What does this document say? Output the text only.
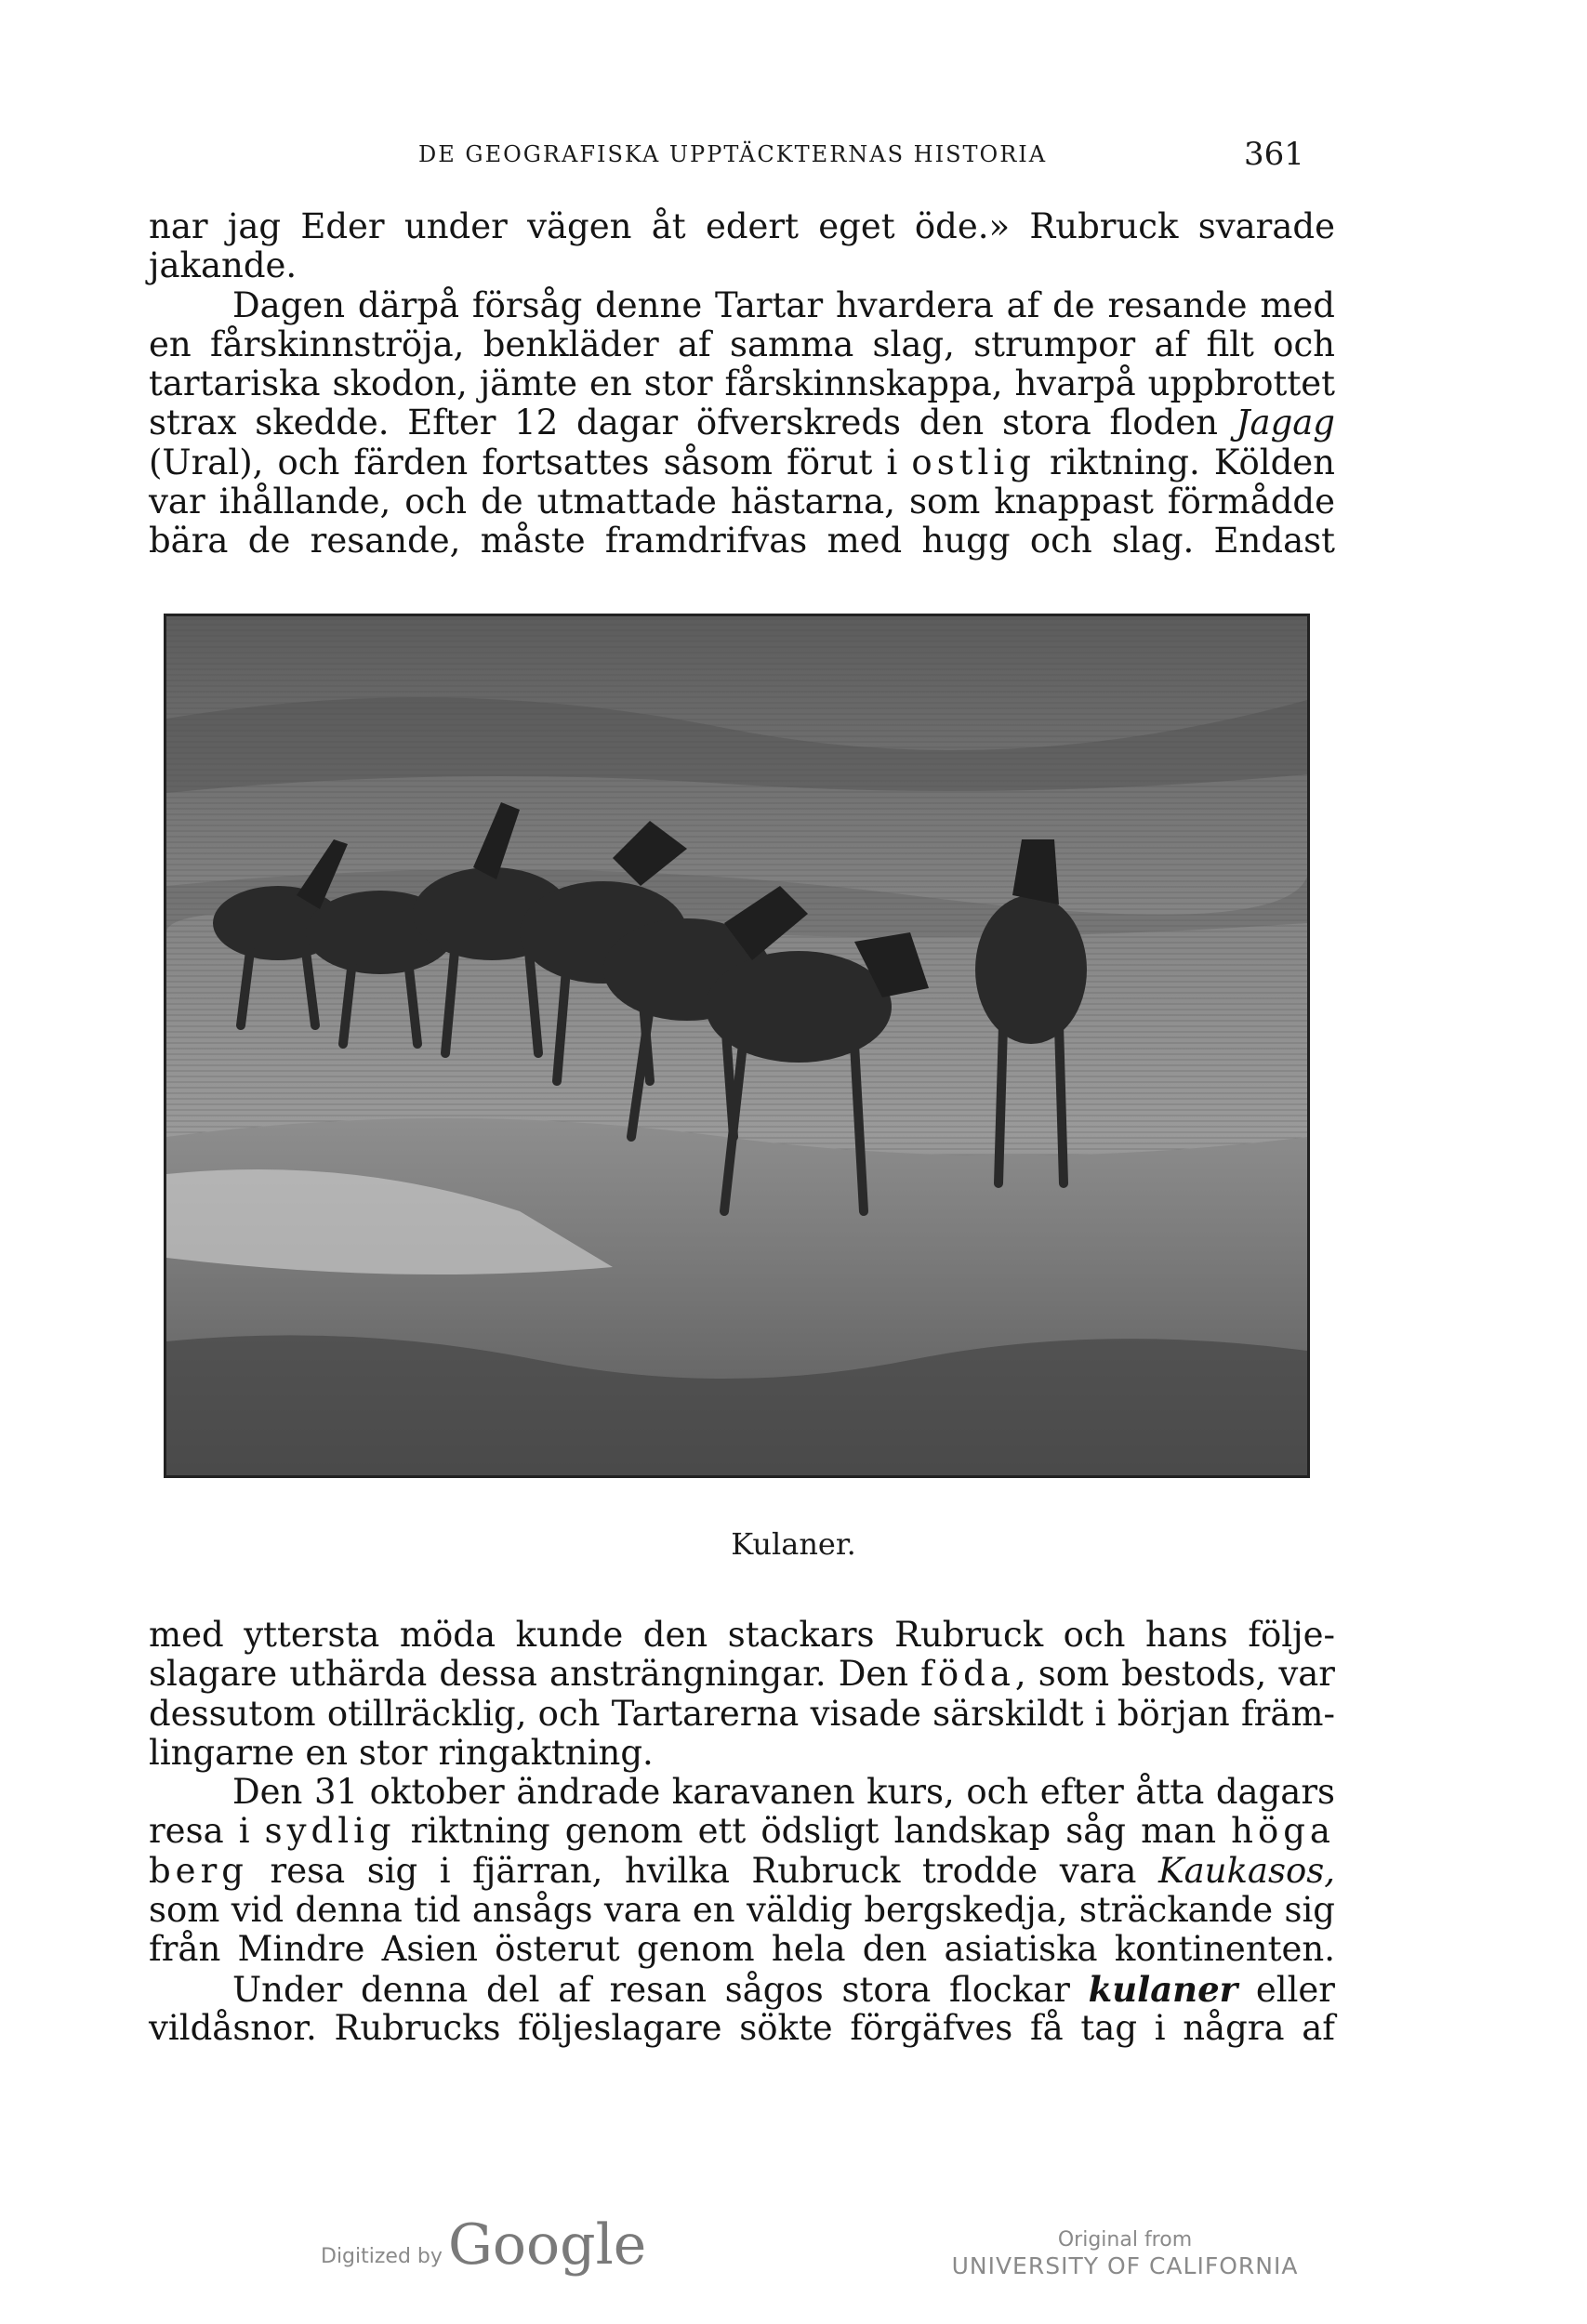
DE GEOGRAFISKA UPPTÄCKTERNAS HISTORIA	361
nar jag Eder under vägen åt edert eget öde.» Rubruck svarade
jakande.
Dagen därpå försåg denne Tartar hvardera af de resande med
en fårskinnströja, benkläder af samma slag, strumpor af filt och
tartariska skodon, jämte en stor fårskinnskappa, hvarpå uppbrottet
strax skedde. Efter 12 dagar öfverskreds den stora floden Jagag
(Ural), och färden fortsattes såsom förut i ostlig riktning. Kölden
var ihållande, och de utmattade hästarna, som knappast förmådde
bära de resande, måste framdrifvas med hugg och slag. Endast
Kulaner.
med yttersta möda kunde den stackars Rubruck och hans följe-
slagare uthärda dessa ansträngningar. Den föda, som bestods, var
dessutom otillräcklig, och Tartarerna visade särskildt i början främ-
lingarne en stor ringaktning.
Den 31 oktober ändrade karavanen kurs, och efter åtta dagars
resa i sydlig riktning genom ett ödsligt landskap såg man höga
berg resa sig i fjärran, hvilka Rubruck trodde vara Kaukasos,
som vid denna tid ansågs vara en väldig bergskedja, sträckande sig
från Mindre Asien österut genom hela den asiatiska kontinenten.
Under denna del af resan sågos stora flockar kulaner eller
vildåsnor. Rubrucks följeslagare sökte förgäfves få tag i några af
Digitized by Google	Original from
UNIVERSITY OF CALIFORNIA
